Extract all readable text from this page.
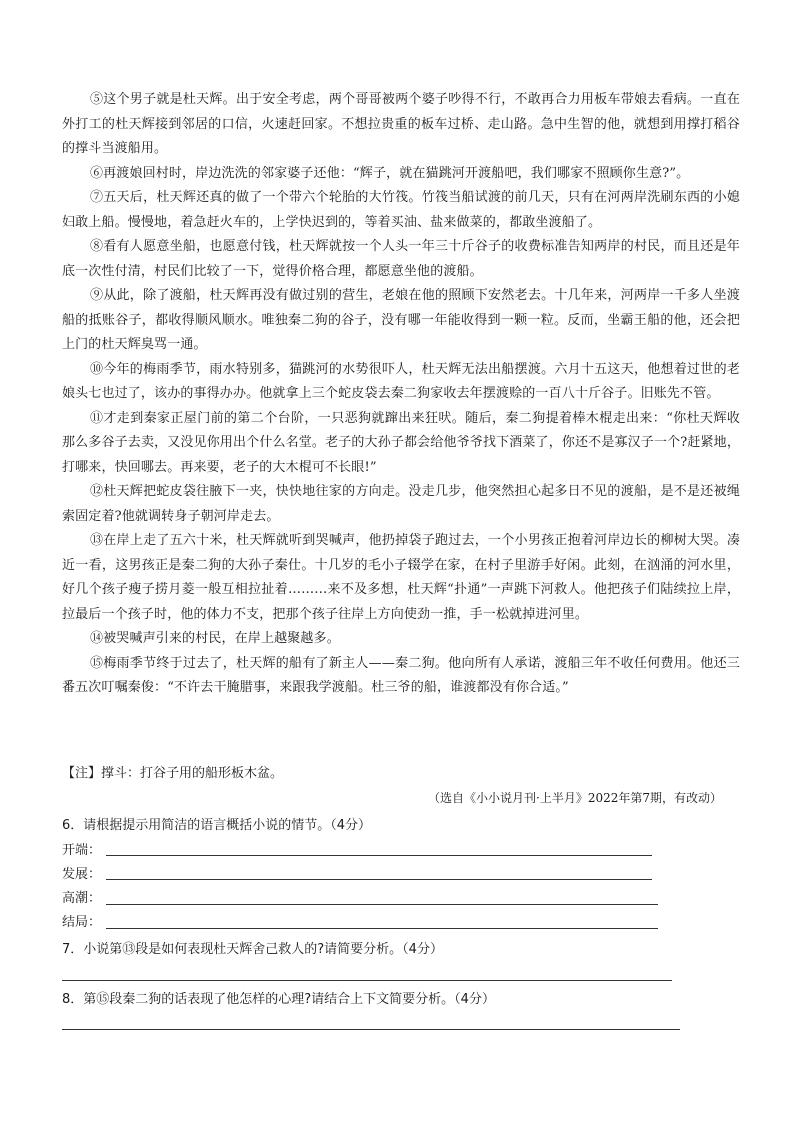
⑤这个男子就是杜天辉。出于安全考虑，两个哥哥被两个婆子吵得不行，不敢再合力用板车带娘去看病。一直在外打工的杜天辉接到邻居的口信，火速赶回家。不想拉贵重的板车过桥、走山路。急中生智的他，就想到用撑打稻谷的撑斗当渡船用。

⑥再渡娘回村时，岸边洗洗的邻家婆子还他：“辉子，就在猫跳河开渡船吧，我们哪家不照顾你生意?”。

⑦五天后，杜天辉还真的做了一个带六个轮胎的大竹筏。竹筏当船试渡的前几天，只有在河两岸洗刷东西的小媳妇敢上船。慢慢地，着急赶火车的，上学快迟到的，等着买油、盐来做菜的，都敢坐渡船了。

⑧看有人愿意坐船，也愿意付钱，杜天辉就按一个人头一年三十斤谷子的收费标准告知两岸的村民，而且还是年底一次性付清，村民们比较了一下，觉得价格合理，都愿意坐他的渡船。

⑨从此，除了渡船，杜天辉再没有做过别的营生，老娘在他的照顾下安然老去。十几年来，河两岸一千多人坐渡船的抵账谷子，都收得顺风顺水。唯独秦二狗的谷子，没有哪一年能收得到一颗一粒。反而，坐霸王船的他，还会把上门的杜天辉臭骂一通。

⑩今年的梅雨季节，雨水特别多，猫跳河的水势很吓人，杜天辉无法出船摆渡。六月十五这天，他想着过世的老娘头七也过了，该办的事得办办。他就拿上三个蛇皮袋去秦二狗家收去年摆渡赊的一百八十斤谷子。旧账先不管。

⑪才走到秦家正屋门前的第二个台阶，一只恶狗就蹿出来狂吠。随后，秦二狗提着棒木棍走出来：“你杜天辉收那么多谷子去卖，又没见你用出个什么名堂。老子的大孙子都会给他爷爷找下酒菜了，你还不是寡汉子一个?赶紧地，打哪来，快回哪去。再来要，老子的大木棍可不长眼!”

⑫杜天辉把蛇皮袋往腋下一夹，快快地往家的方向走。没走几步，他突然担心起多日不见的渡船，是不是还被绳索固定着?他就调转身子朝河岸走去。

⑬在岸上走了五六十米，杜天辉就听到哭喊声，他扔掉袋子跑过去，一个小男孩正抱着河岸边长的柳树大哭。凑近一看，这男孩正是秦二狗的大孙子秦仕。十几岁的毛小子辍学在家，在村子里游手好闲。此刻，在汹涌的河水里，好几个孩子瘦子捞月菱一般互相拉扯着………来不及多想，杜天辉“扑通”一声跳下河救人。他把孩子们陆续拉上岸，拉最后一个孩子时，他的体力不支，把那个孩子往岸上方向使劲一推，手一松就掉进河里。

⑭被哭喊声引来的村民，在岸上越聚越多。

⑮梅雨季节终于过去了，杜天辉的船有了新主人——秦二狗。他向所有人承诺，渡船三年不收任何费用。他还三番五次叮嘱秦俊：“不许去干腌腊事，来跟我学渡船。杜三爷的船，谁渡都没有你合适。”

【注】撑斗：打谷子用的船形板木盆。
（选自《小小说月刊·上半月》2022年第7期，有改动）
6．请根据提示用简洁的语言概括小说的情节。（4分）
开端：
发展：
高潮：
结局：
7．小说第⑬段是如何表现杜天辉舍己救人的?请简要分析。（4分）
8．第⑮段秦二狗的话表现了他怎样的心理?请结合上下文简要分析。（4分）
